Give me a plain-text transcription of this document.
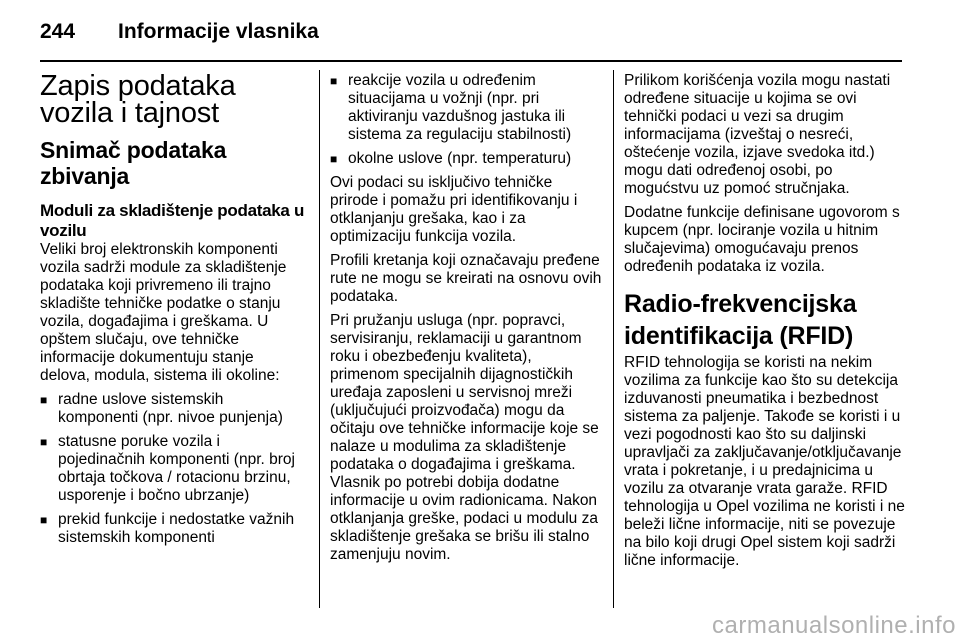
244 Informacije vlasnika
Zapis podataka vozila i tajnost
Snimač podataka zbivanja
Moduli za skladištenje podataka u vozilu

Veliki broj elektronskih komponenti vozila sadrži module za skladištenje podataka koji privremeno ili trajno skladište tehničke podatke o stanju vozila, događajima i greškama. U opštem slučaju, ove tehničke informacije dokumentuju stanje delova, modula, sistema ili okoline:

■ radne uslove sistemskih komponenti (npr. nivoe punjenja)
■ statusne poruke vozila i pojedinačnih komponenti (npr. broj obrtaja točkova / rotacionu brzinu, usporenje i bočno ubrzanje)
■ prekid funkcije i nedostatke važnih sistemskih komponenti
■ reakcije vozila u određenim situacijama u vožnji (npr. pri aktiviranju vazdušnog jastuka ili sistema za regulaciju stabilnosti)
■ okolne uslove (npr. temperaturu)

Ovi podaci su isključivo tehničke prirode i pomažu pri identifikovanju i otklanjanju grešaka, kao i za optimizaciju funkcija vozila.

Profili kretanja koji označavaju pređene rute ne mogu se kreirati na osnovu ovih podataka.

Pri pružanju usluga (npr. popravci, servisiranju, reklamaciji u garantnom roku i obezbeđenju kvaliteta), primenom specijalnih dijagnostičkih uređaja zaposleni u servisnoj mreži (uključujući proizvođača) mogu da očitaju ove tehničke informacije koje se nalaze u modulima za skladištenje podataka o događajima i greškama. Vlasnik po potrebi dobija dodatne informacije u ovim radionicama. Nakon otklanjanja greške, podaci u modulu za skladištenje grešaka se brišu ili stalno zamenjuju novim.

Prilikom korišćenja vozila mogu nastati određene situacije u kojima se ovi tehnički podaci u vezi sa drugim informacijama (izveštaj o nesreći, oštećenje vozila, izjave svedoka itd.) mogu dati određenoj osobi, po mogućstvu uz pomoć stručnjaka.

Dodatne funkcije definisane ugovorom s kupcem (npr. lociranje vozila u hitnim slučajevima) omogućavaju prenos određenih podataka iz vozila.

Radio-frekvencijska identifikacija (RFID)

RFID tehnologija se koristi na nekim vozilima za funkcije kao što su detekcija izduvanosti pneumatika i bezbednost sistema za paljenje. Takođe se koristi i u vezi pogodnosti kao što su daljinski upravljači za zaključavanje/otključavanje vrata i pokretanje, i u predajnicima u vozilu za otvaranje vrata garaže. RFID tehnologija u Opel vozilima ne koristi i ne beleži lične informacije, niti se povezuje na bilo koji drugi Opel sistem koji sadrži lične informacije.

carmanualsonline.info
